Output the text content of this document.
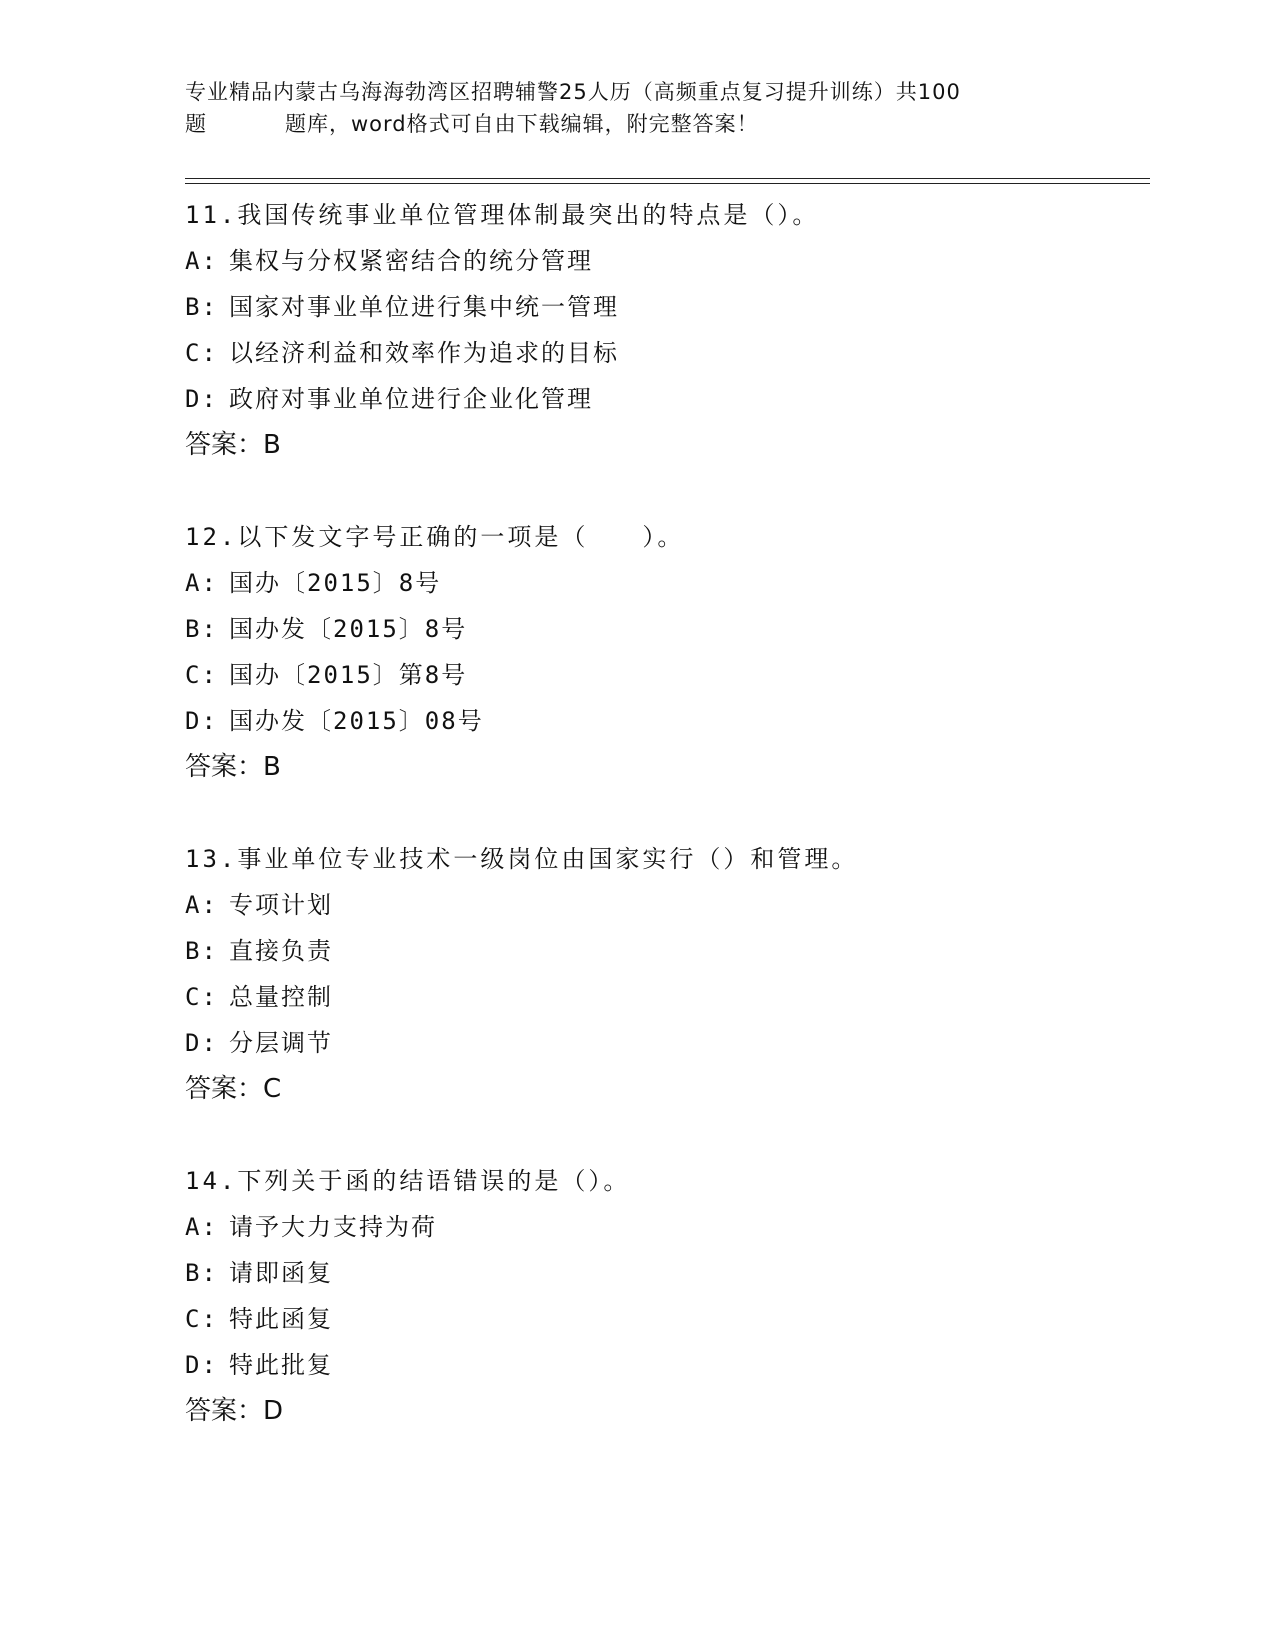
专业精品内蒙古乌海海勃湾区招聘辅警25人历（高频重点复习提升训练）共100
题	题库，word格式可自由下载编辑，附完整答案！
11.我国传统事业单位管理体制最突出的特点是（）。
A: 集权与分权紧密结合的统分管理
B: 国家对事业单位进行集中统一管理
C: 以经济利益和效率作为追求的目标
D: 政府对事业单位进行企业化管理
答案：B
12.以下发文字号正确的一项是（　　）。
A: 国办〔2015〕8号
B: 国办发〔2015〕8号
C: 国办〔2015〕第8号
D: 国办发〔2015〕08号
答案：B
13.事业单位专业技术一级岗位由国家实行（）和管理。
A: 专项计划
B: 直接负责
C: 总量控制
D: 分层调节
答案：C
14.下列关于函的结语错误的是（）。
A: 请予大力支持为荷
B: 请即函复
C: 特此函复
D: 特此批复
答案：D
